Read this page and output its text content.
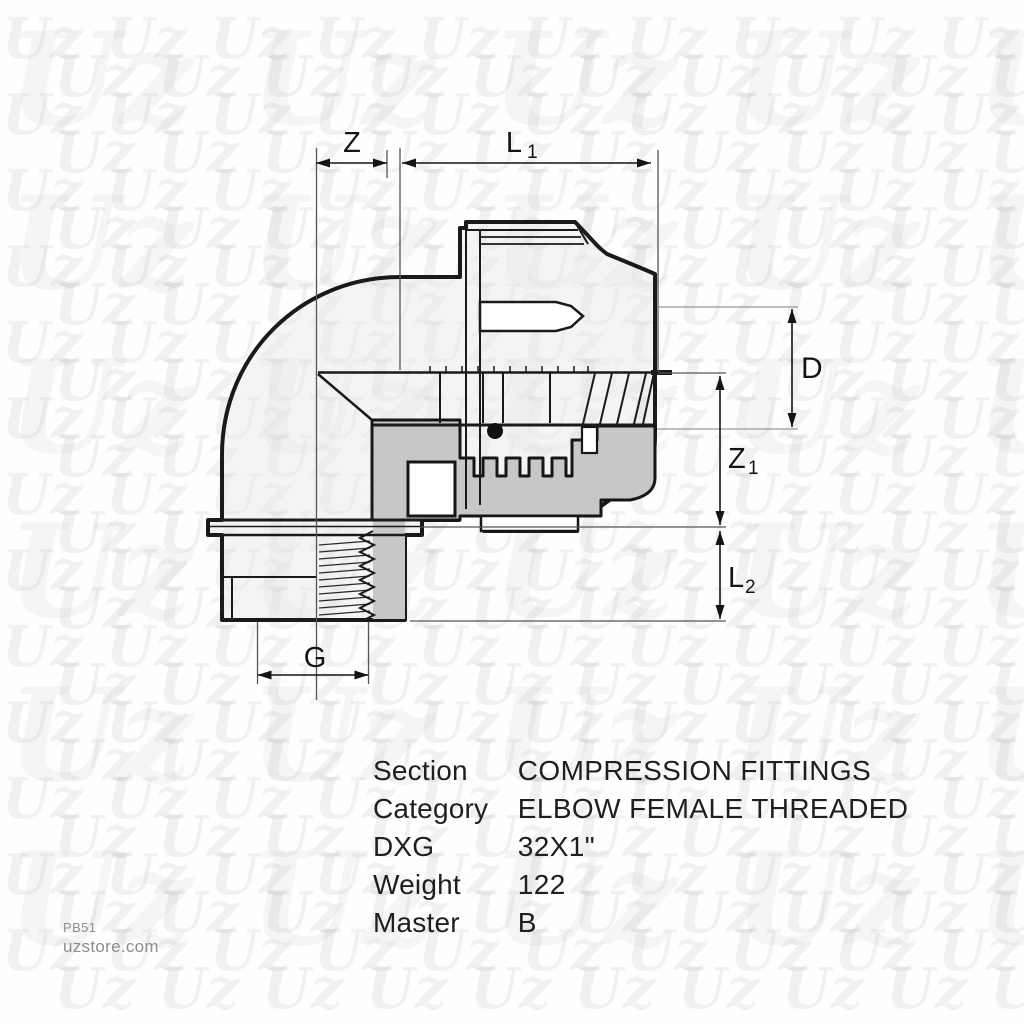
Z	L 1
D
Z 1
L 2
G
Section COMPRESSION FITTINGS
Category ELBOW FEMALE THREADED
DXG	32X1"
Weight 122
Master B
PB51
uzstore.com
